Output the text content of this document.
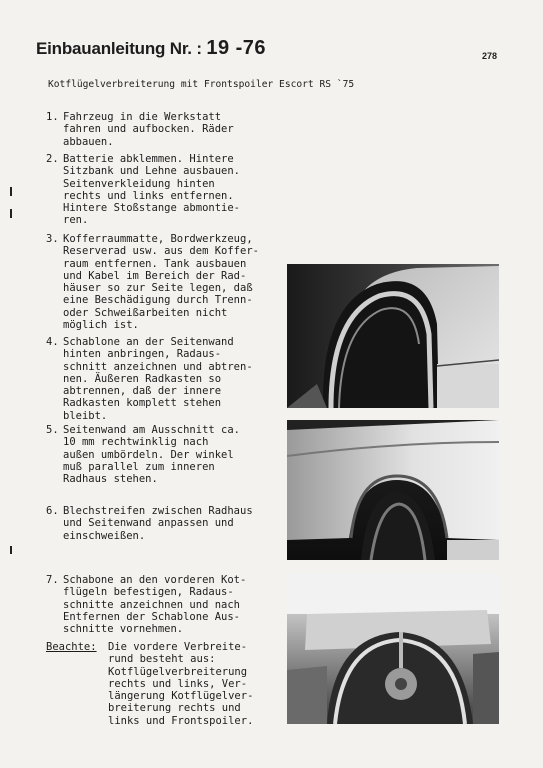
Einbauanleitung Nr. : 19 -76	278
Kotflügelverbreiterung mit Frontspoiler Escort RS `75
1. Fahrzeug in die Werkstatt
fahren und aufbocken. Räder
abbauen.
2. Batterie abklemmen. Hintere
Sitzbank und Lehne ausbauen.
Seitenverkleidung hinten
rechts und links entfernen.
Hintere Stoßstange abmontie-
ren.
3. Kofferraummatte, Bordwerkzeug,
Reserverad usw. aus dem Koffer-
raum entfernen. Tank ausbauen
und Kabel im Bereich der Rad-
häuser so zur Seite legen, daß
eine Beschädigung durch Trenn-
oder Schweißarbeiten nicht
möglich ist.
4. Schablone an der Seitenwand
hinten anbringen, Radaus-
schnitt anzeichnen und abtren-
nen. Äußeren Radkasten so
abtrennen, daß der innere
Radkasten komplett stehen
bleibt.
5. Seitenwand am Ausschnitt ca.
10 mm rechtwinklig nach
außen umbördeln. Der winkel
muß parallel zum inneren
Radhaus stehen.
6. Blechstreifen zwischen Radhaus
und Seitenwand anpassen und
einschweißen.
7. Schabone an den vorderen Kot-
flügeln befestigen, Radaus-
schnitte anzeichnen und nach
Entfernen der Schablone Aus-
schnitte vornehmen.
Beachte: Die vordere Verbreite-
rund besteht aus:
Kotflügelverbreiterung
rechts und links, Ver-
längerung Kotflügelver-
breiterung rechts und
links und Frontspoiler.
